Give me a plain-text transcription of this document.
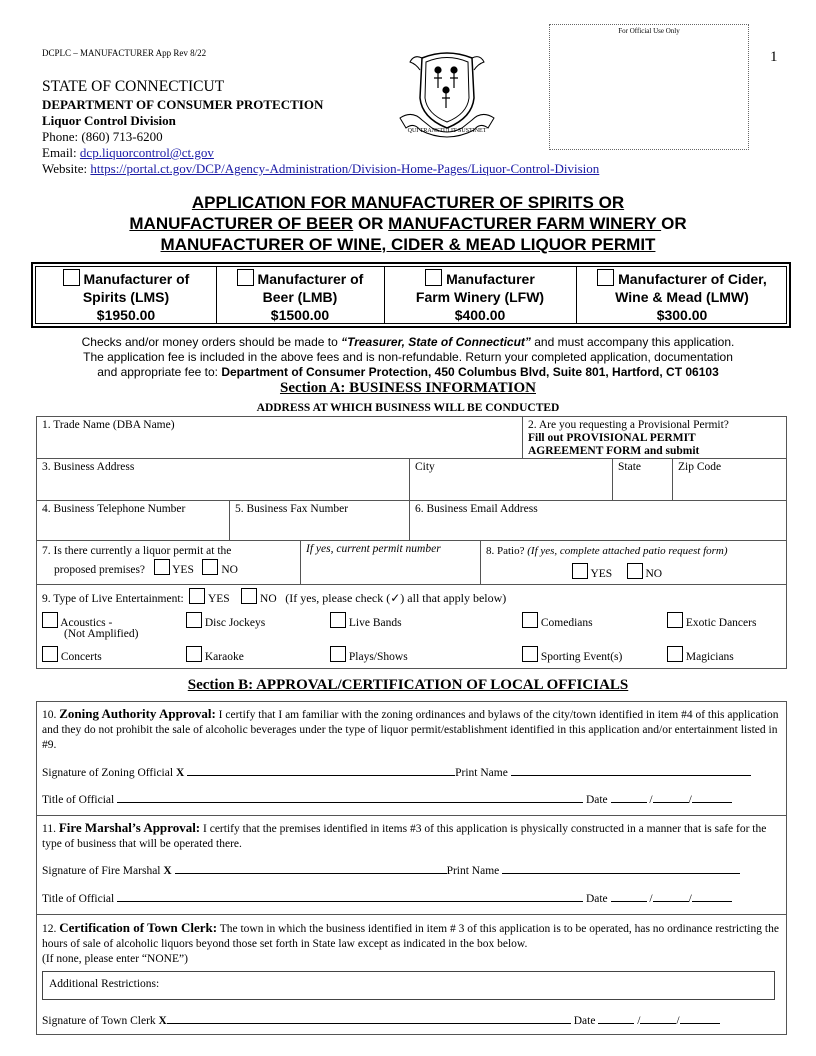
DCPLC – MANUFACTURER App Rev 8/22	1
For Official Use Only
STATE OF CONNECTICUT
DEPARTMENT OF CONSUMER PROTECTION
Liquor Control Division
Phone: (860) 713-6200
Email: dcp.liquorcontrol@ct.gov
Website: https://portal.ct.gov/DCP/Agency-Administration/Division-Home-Pages/Liquor-Control-Division
QUI TRANSTULIT SUSTINET
APPLICATION FOR MANUFACTURER OF SPIRITS OR
MANUFACTURER OF BEER OR MANUFACTURER FARM WINERY OR
MANUFACTURER OF WINE, CIDER & MEAD LIQUOR PERMIT
Manufacturer of
Spirits (LMS)
$1950.00
Manufacturer of
Beer (LMB)
$1500.00
Manufacturer
Farm Winery (LFW)
$400.00
Manufacturer of Cider,
Wine & Mead (LMW)
$300.00
Checks and/or money orders should be made to “Treasurer, State of Connecticut” and must accompany this application.
The application fee is included in the above fees and is non-refundable. Return your completed application, documentation
and appropriate fee to: Department of Consumer Protection, 450 Columbus Blvd, Suite 801, Hartford, CT 06103
Section A: BUSINESS INFORMATION
ADDRESS AT WHICH BUSINESS WILL BE CONDUCTED
1. Trade Name (DBA Name)	2. Are you requesting a Provisional Permit?
Fill out PROVISIONAL PERMIT
AGREEMENT FORM and submit
3. Business Address	City	State	Zip Code
4. Business Telephone Number	5. Business Fax Number	6. Business Email Address
7. Is there currently a liquor permit at the
proposed premises? YES NO
If yes, current permit number	8. Patio? (If yes, complete attached patio request form)
YES	NO
9. Type of Live Entertainment: YES	NO (If yes, please check (✓) all that apply below)
Acoustics -
(Not Amplified)
Disc Jockeys	Live Bands	Comedians	Exotic Dancers
Concerts	Karaoke	Plays/Shows	Sporting Event(s)	Magicians
Section B: APPROVAL/CERTIFICATION OF LOCAL OFFICIALS
10. Zoning Authority Approval: I certify that I am familiar with the zoning ordinances and bylaws of the city/town identified in item #4 of this application and they do not prohibit the sale of alcoholic beverages under the type of liquor permit/establishment identified in this application and/or entertainment listed in #9.
Signature of Zoning Official X	Print Name
Title of Official	Date	/	/
11. Fire Marshal’s Approval: I certify that the premises identified in items #3 of this application is physically constructed in a manner that is safe for the type of business that will be operated there.
Signature of Fire Marshal X	Print Name
Title of Official	Date	/	/
12. Certification of Town Clerk: The town in which the business identified in item # 3 of this application is to be operated, has no ordinance restricting the hours of sale of alcoholic liquors beyond those set forth in State law except as indicated in the box below.
(If none, please enter “NONE”)
Additional Restrictions:
Signature of Town Clerk X	Date	/	/
